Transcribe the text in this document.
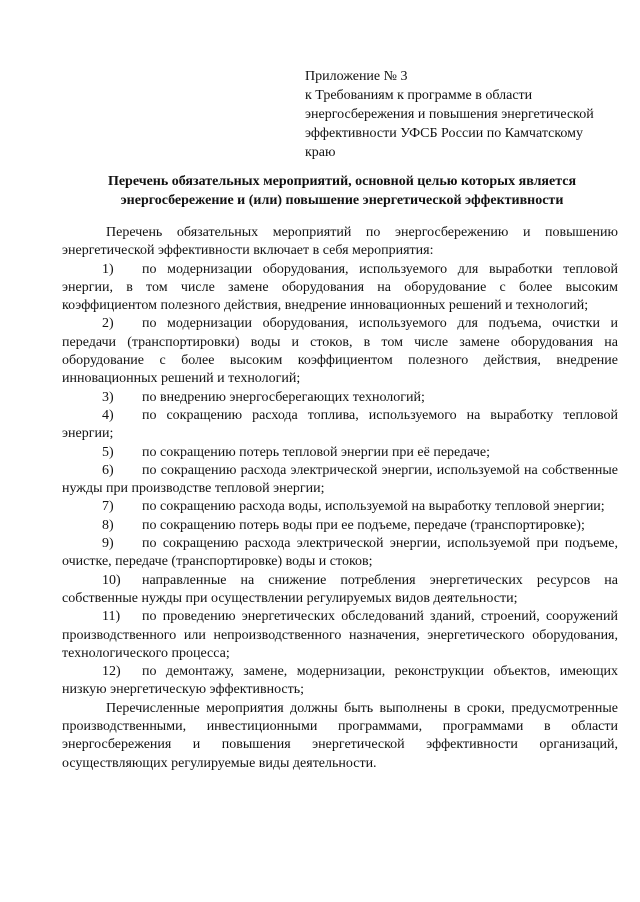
Приложение № 3
к Требованиям к программе в области
энергосбережения и повышения энергетической
эффективности УФСБ России по Камчатскому
краю
Перечень обязательных мероприятий, основной целью которых является
энергосбережение и (или) повышение энергетической эффективности

Перечень обязательных мероприятий по энергосбережению и повышению энергетической эффективности включает в себя мероприятия:

1) по модернизации оборудования, используемого для выработки тепловой энергии, в том числе замене оборудования на оборудование с более высоким коэффициентом полезного действия, внедрение инновационных решений и технологий;

2) по модернизации оборудования, используемого для подъема, очистки и передачи (транспортировки) воды и стоков, в том числе замене оборудования на оборудование с более высоким коэффициентом полезного действия, внедрение инновационных решений и технологий;

3) по внедрению энергосберегающих технологий;

4) по сокращению расхода топлива, используемого на выработку тепловой энергии;

5) по сокращению потерь тепловой энергии при её передаче;

6) по сокращению расхода электрической энергии, используемой на собственные нужды при производстве тепловой энергии;

7) по сокращению расхода воды, используемой на выработку тепловой энергии;

8) по сокращению потерь воды при ее подъеме, передаче (транспортировке);

9) по сокращению расхода электрической энергии, используемой при подъеме, очистке, передаче (транспортировке) воды и стоков;

10) направленные на снижение потребления энергетических ресурсов на собственные нужды при осуществлении регулируемых видов деятельности;

11) по проведению энергетических обследований зданий, строений, сооружений производственного или непроизводственного назначения, энергетического оборудования, технологического процесса;

12) по демонтажу, замене, модернизации, реконструкции объектов, имеющих низкую энергетическую эффективность;

Перечисленные мероприятия должны быть выполнены в сроки, предусмотренные производственными, инвестиционными программами, программами в области энергосбережения и повышения энергетической эффективности организаций, осуществляющих регулируемые виды деятельности.
